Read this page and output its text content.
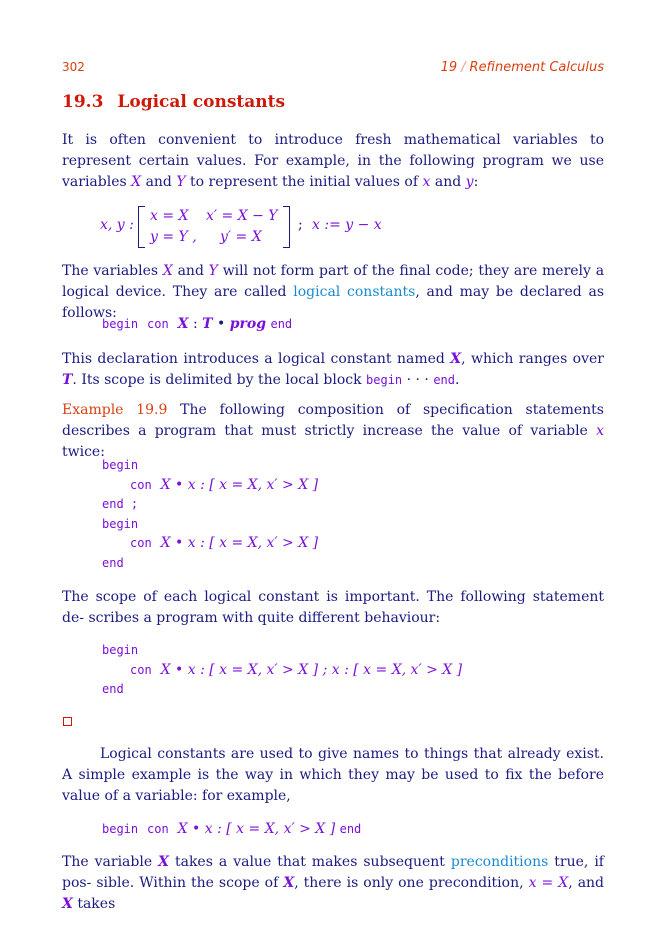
302	19 / Refinement Calculus
19.3 Logical constants
It is often convenient to introduce fresh mathematical variables to represent certain values. For example, in the following program we use variables X and Y to represent the initial values of x and y:
x, y :
x = X x′ = X − Y
y = Y , y′ = X
; x := y − x
The variables X and Y will not form part of the final code; they are merely a logical device. They are called logical constants, and may be declared as follows:
begin con X : T • prog end
This declaration introduces a logical constant named X, which ranges over T. Its scope is delimited by the local block begin · · · end.
Example 19.9 The following composition of specification statements describes a program that must strictly increase the value of variable x twice:
begin
con X • x : [ x = X, x′ > X ]
end ;
begin
con X • x : [ x = X, x′ > X ]
end
The scope of each logical constant is important. The following statement de- scribes a program with quite different behaviour:
begin
con X • x : [ x = X, x′ > X ] ; x : [ x = X, x′ > X ]
end
Logical constants are used to give names to things that already exist. A simple example is the way in which they may be used to fix the before value of a variable: for example,
begin con X • x : [ x = X, x′ > X ] end
The variable X takes a value that makes subsequent preconditions true, if pos- sible. Within the scope of X, there is only one precondition, x = X, and X takes
